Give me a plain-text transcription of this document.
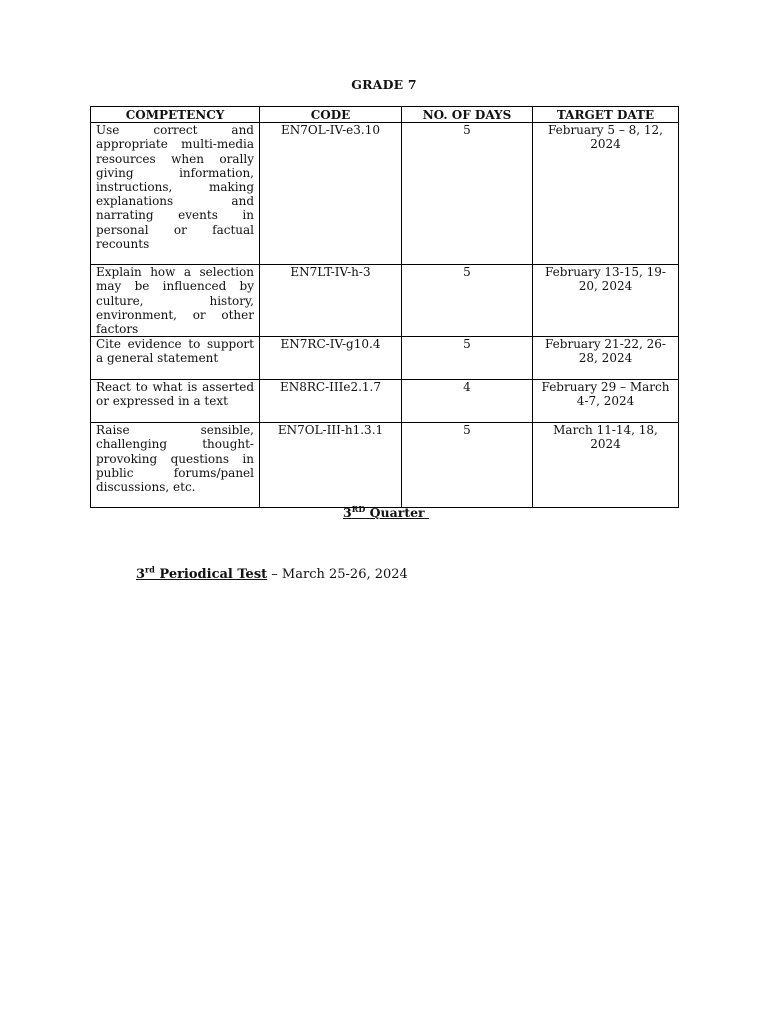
GRADE 7
COMPETENCY	CODE	NO. OF DAYS	TARGET DATE
Use correct and appropriate multi-media resources when orally giving information, instructions, making explanations and narrating events in personal or factual recounts	EN7OL-IV-e3.10	5	February 5 – 8, 12, 2024
Explain how a selection may be influenced by culture, history, environment, or other factors	EN7LT-IV-h-3	5	February 13-15, 19-20, 2024
Cite evidence to support a general statement	EN7RC-IV-g10.4	5	February 21-22, 26-28, 2024
React to what is asserted or expressed in a text	EN8RC-IIIe2.1.7	4	February 29 – March 4-7, 2024
Raise sensible, challenging thought-provoking questions in public forums/panel discussions, etc.	EN7OL-III-h1.3.1	5	March 11-14, 18, 2024
3RD Quarter
3rd Periodical Test – March 25-26, 2024
